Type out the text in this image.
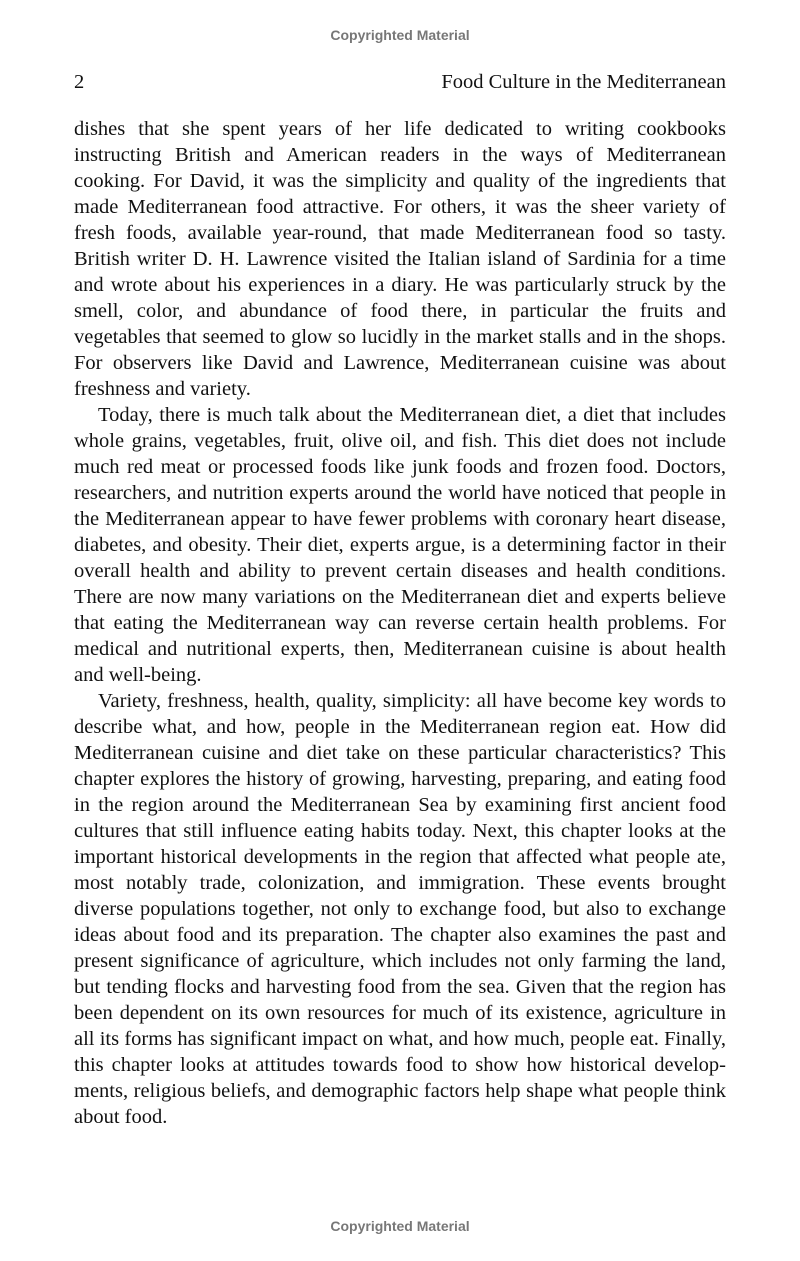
Copyrighted Material
2	Food Culture in the Mediterranean

dishes that she spent years of her life dedicated to writing cookbooks instructing British and American readers in the ways of Mediterranean cooking. For David, it was the simplicity and quality of the ingredients that made Mediterranean food attractive. For others, it was the sheer variety of fresh foods, available year-round, that made Mediterranean food so tasty. British writer D. H. Lawrence visited the Italian island of Sardinia for a time and wrote about his experiences in a diary. He was particularly struck by the smell, color, and abundance of food there, in particular the fruits and vegetables that seemed to glow so lucidly in the market stalls and in the shops. For observers like David and Lawrence, Mediterranean cuisine was about freshness and variety.

Today, there is much talk about the Mediterranean diet, a diet that includes whole grains, vegetables, fruit, olive oil, and fish. This diet does not include much red meat or processed foods like junk foods and frozen food. Doctors, researchers, and nutrition experts around the world have noticed that people in the Mediterranean appear to have fewer problems with coronary heart disease, diabetes, and obesity. Their diet, experts argue, is a determining factor in their overall health and ability to prevent certain diseases and health conditions. There are now many variations on the Mediterranean diet and experts believe that eating the Mediterranean way can reverse certain health problems. For medical and nutritional experts, then, Mediterranean cuisine is about health and well-being.

Variety, freshness, health, quality, simplicity: all have become key words to describe what, and how, people in the Mediterranean region eat. How did Mediterranean cuisine and diet take on these particular characteristics? This chapter explores the history of growing, harvesting, preparing, and eating food in the region around the Mediterranean Sea by examining first ancient food cultures that still influence eating habits today. Next, this chapter looks at the important historical developments in the region that affected what people ate, most notably trade, colonization, and immigration. These events brought diverse populations together, not only to exchange food, but also to exchange ideas about food and its preparation. The chapter also examines the past and present significance of agriculture, which includes not only farming the land, but tending flocks and harvesting food from the sea. Given that the region has been dependent on its own resources for much of its existence, agriculture in all its forms has significant impact on what, and how much, people eat. Finally, this chapter looks at attitudes towards food to show how historical developments, religious beliefs, and demographic factors help shape what people think about food.

Copyrighted Material
